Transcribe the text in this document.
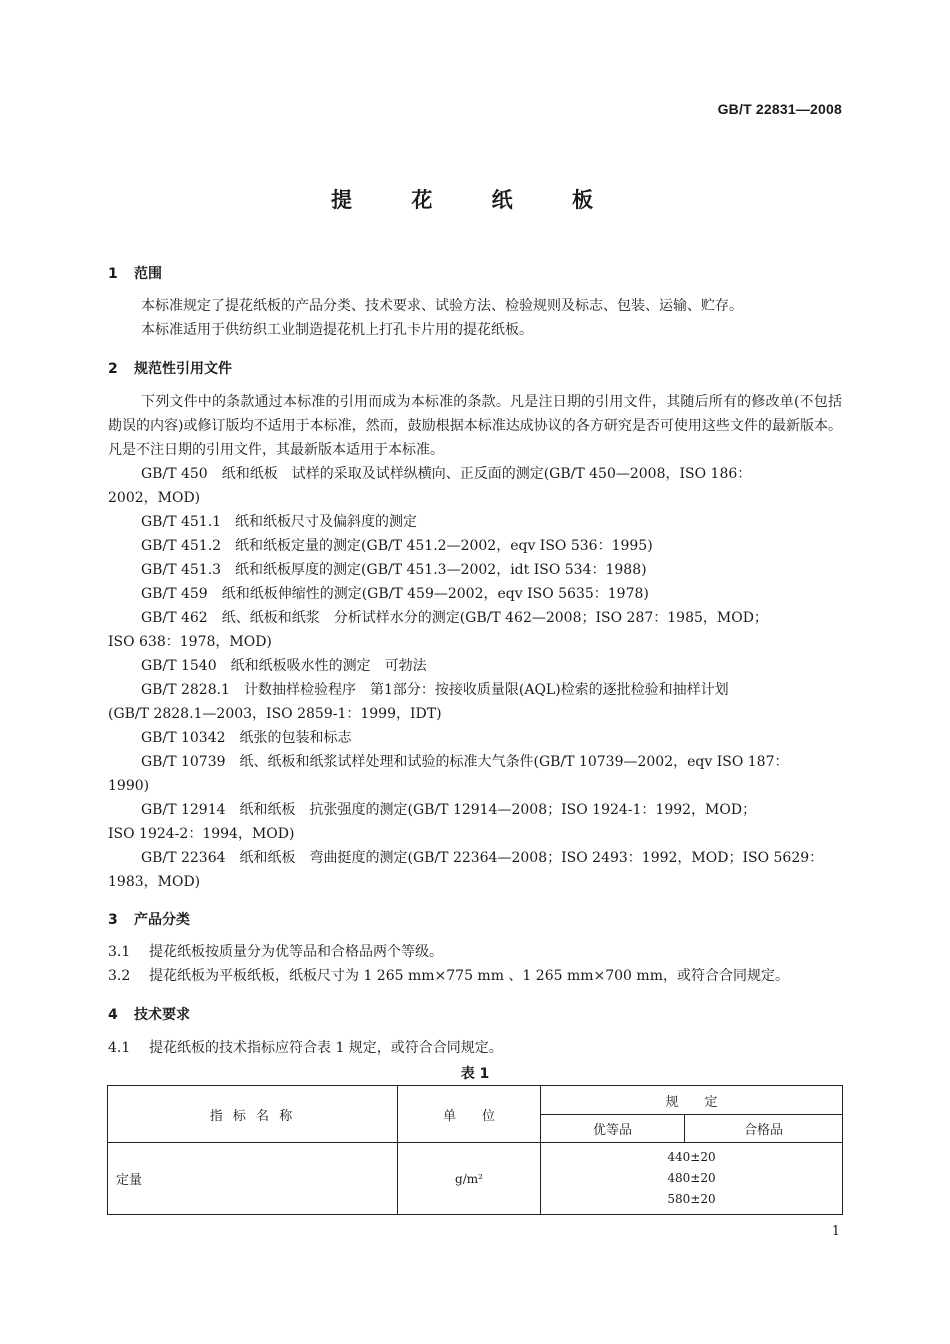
GB/T 22831—2008
提 花 纸 板
1 范围
本标准规定了提花纸板的产品分类、技术要求、试验方法、检验规则及标志、包装、运输、贮存。
本标准适用于供纺织工业制造提花机上打孔卡片用的提花纸板。
2 规范性引用文件
下列文件中的条款通过本标准的引用而成为本标准的条款。凡是注日期的引用文件，其随后所有的修改单(不包括勘误的内容)或修订版均不适用于本标准，然而，鼓励根据本标准达成协议的各方研究是否可使用这些文件的最新版本。凡是不注日期的引用文件，其最新版本适用于本标准。
GB/T 450　纸和纸板　试样的采取及试样纵横向、正反面的测定(GB/T 450—2008，ISO 186：
2002，MOD)
GB/T 451.1　纸和纸板尺寸及偏斜度的测定
GB/T 451.2　纸和纸板定量的测定(GB/T 451.2—2002，eqv ISO 536：1995)
GB/T 451.3　纸和纸板厚度的测定(GB/T 451.3—2002，idt ISO 534：1988)
GB/T 459　纸和纸板伸缩性的测定(GB/T 459—2002，eqv ISO 5635：1978)
GB/T 462　纸、纸板和纸浆　分析试样水分的测定(GB/T 462—2008；ISO 287：1985，MOD；
ISO 638：1978，MOD)
GB/T 1540　纸和纸板吸水性的测定　可勃法
GB/T 2828.1　计数抽样检验程序　第1部分：按接收质量限(AQL)检索的逐批检验和抽样计划
(GB/T 2828.1—2003，ISO 2859-1：1999，IDT)
GB/T 10342　纸张的包装和标志
GB/T 10739　纸、纸板和纸浆试样处理和试验的标准大气条件(GB/T 10739—2002，eqv ISO 187：
1990)
GB/T 12914　纸和纸板　抗张强度的测定(GB/T 12914—2008；ISO 1924-1：1992，MOD；
ISO 1924-2：1994，MOD)
GB/T 22364　纸和纸板　弯曲挺度的测定(GB/T 22364—2008；ISO 2493：1992，MOD；ISO 5629：
1983，MOD)
3 产品分类
3.1 提花纸板按质量分为优等品和合格品两个等级。
3.2 提花纸板为平板纸板，纸板尺寸为 1 265 mm×775 mm 、1 265 mm×700 mm，或符合合同规定。
4 技术要求
4.1 提花纸板的技术指标应符合表 1 规定，或符合合同规定。
表 1
指 标 名 称	单　　位	规　　定	
		优等品	合格品
定量	g/m²	440±20
480±20
580±20	
1
